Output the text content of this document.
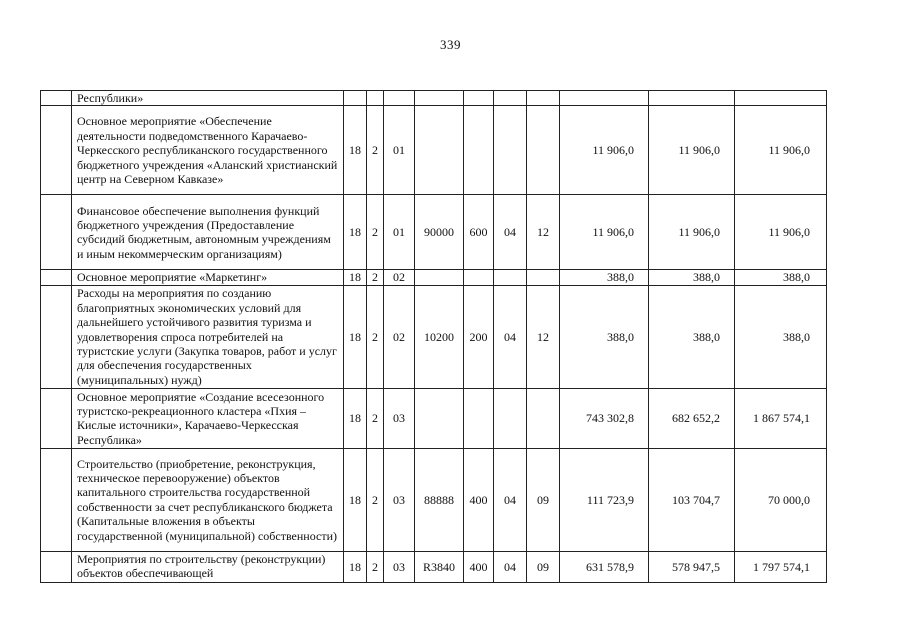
339
	Республики»										
	Основное мероприятие «Обеспечение деятельности подведомственного Карачаево-Черкесского республиканского государственного бюджетного учреждения «Аланский христианский центр на Северном Кавказе»	18	2	01					11 906,0	11 906,0	11 906,0
	Финансовое обеспечение выполнения функций бюджетного учреждения (Предоставление субсидий бюджетным, автономным учреждениям и иным некоммерческим организациям)	18	2	01	90000	600	04	12	11 906,0	11 906,0	11 906,0
	Основное мероприятие «Маркетинг»	18	2	02					388,0	388,0	388,0
	Расходы на мероприятия по созданию благоприятных экономических условий для дальнейшего устойчивого развития туризма и удовлетворения спроса потребителей на туристские услуги (Закупка товаров, работ и услуг для обеспечения государственных (муниципальных) нужд)	18	2	02	10200	200	04	12	388,0	388,0	388,0
	Основное мероприятие «Создание всесезонного туристско-рекреационного кластера «Пхия – Кислые источники», Карачаево-Черкесская Республика»	18	2	03					743 302,8	682 652,2	1 867 574,1
	Строительство (приобретение, реконструкция, техническое перевооружение) объектов капитального строительства государственной собственности за счет республиканского бюджета (Капитальные вложения в объекты государственной (муниципальной) собственности)	18	2	03	88888	400	04	09	111 723,9	103 704,7	70 000,0
	Мероприятия по строительству (реконструкции) объектов обеспечивающей	18	2	03	R3840	400	04	09	631 578,9	578 947,5	1 797 574,1
